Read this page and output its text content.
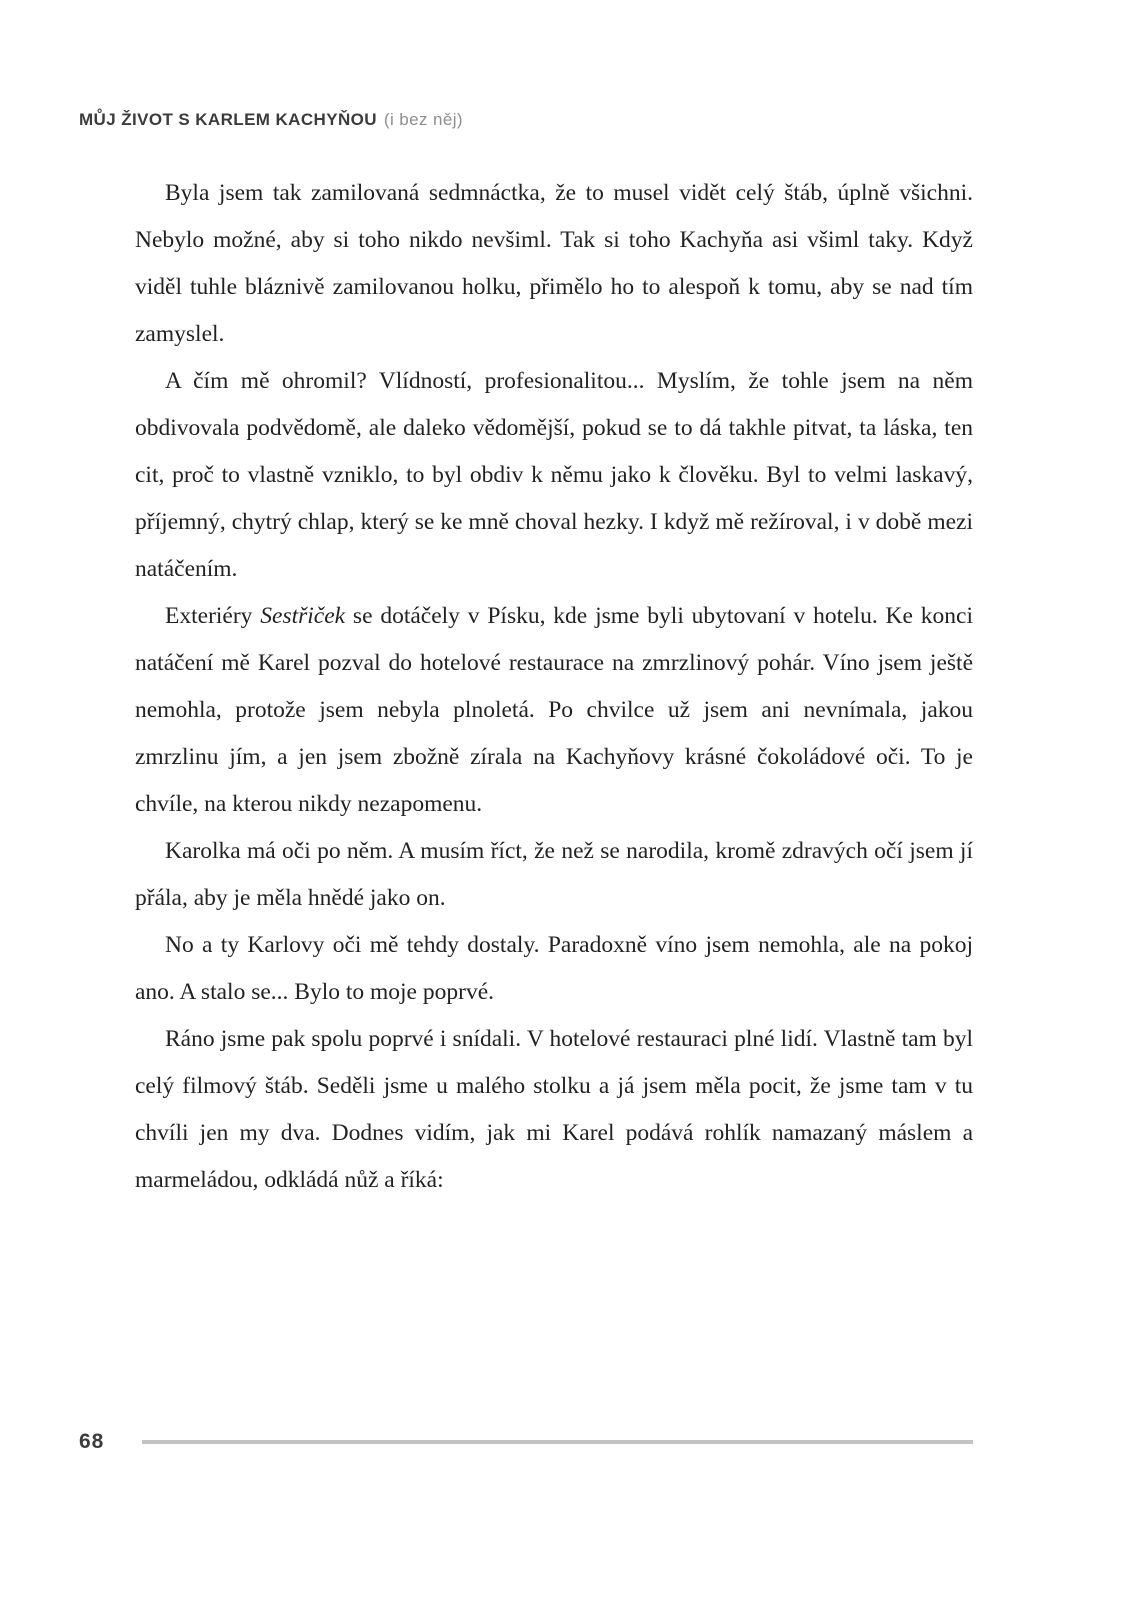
MŮJ ŽIVOT S KARLEM KACHYŇOU (i bez něj)

Byla jsem tak zamilovaná sedmnáctka, že to musel vidět celý štáb, úplně všichni. Nebylo možné, aby si toho nikdo nevšiml. Tak si toho Kachyňa asi všiml taky. Když viděl tuhle bláznivě zamilovanou holku, přimělo ho to alespoň k tomu, aby se nad tím zamyslel.

A čím mě ohromil? Vlídností, profesionalitou... Myslím, že tohle jsem na něm obdivovala podvědomě, ale daleko vědomější, pokud se to dá takhle pitvat, ta láska, ten cit, proč to vlastně vzniklo, to byl obdiv k němu jako k člověku. Byl to velmi laskavý, příjemný, chytrý chlap, který se ke mně choval hezky. I když mě režíroval, i v době mezi natáčením.

Exteriéry Sestřiček se dotáčely v Písku, kde jsme byli ubytovaní v hotelu. Ke konci natáčení mě Karel pozval do hotelové restaurace na zmrzlinový pohár. Víno jsem ještě nemohla, protože jsem nebyla plnoletá. Po chvilce už jsem ani nevnímala, jakou zmrzlinu jím, a jen jsem zbožně zírala na Kachyňovy krásné čokoládové oči. To je chvíle, na kterou nikdy nezapomenu.

Karolka má oči po něm. A musím říct, že než se narodila, kromě zdravých očí jsem jí přála, aby je měla hnědé jako on.

No a ty Karlovy oči mě tehdy dostaly. Paradoxně víno jsem nemohla, ale na pokoj ano. A stalo se... Bylo to moje poprvé.

Ráno jsme pak spolu poprvé i snídali. V hotelové restauraci plné lidí. Vlastně tam byl celý filmový štáb. Seděli jsme u malého stolku a já jsem měla pocit, že jsme tam v tu chvíli jen my dva. Dodnes vidím, jak mi Karel podává rohlík namazaný máslem a marmeládou, odkládá nůž a říká:

68
